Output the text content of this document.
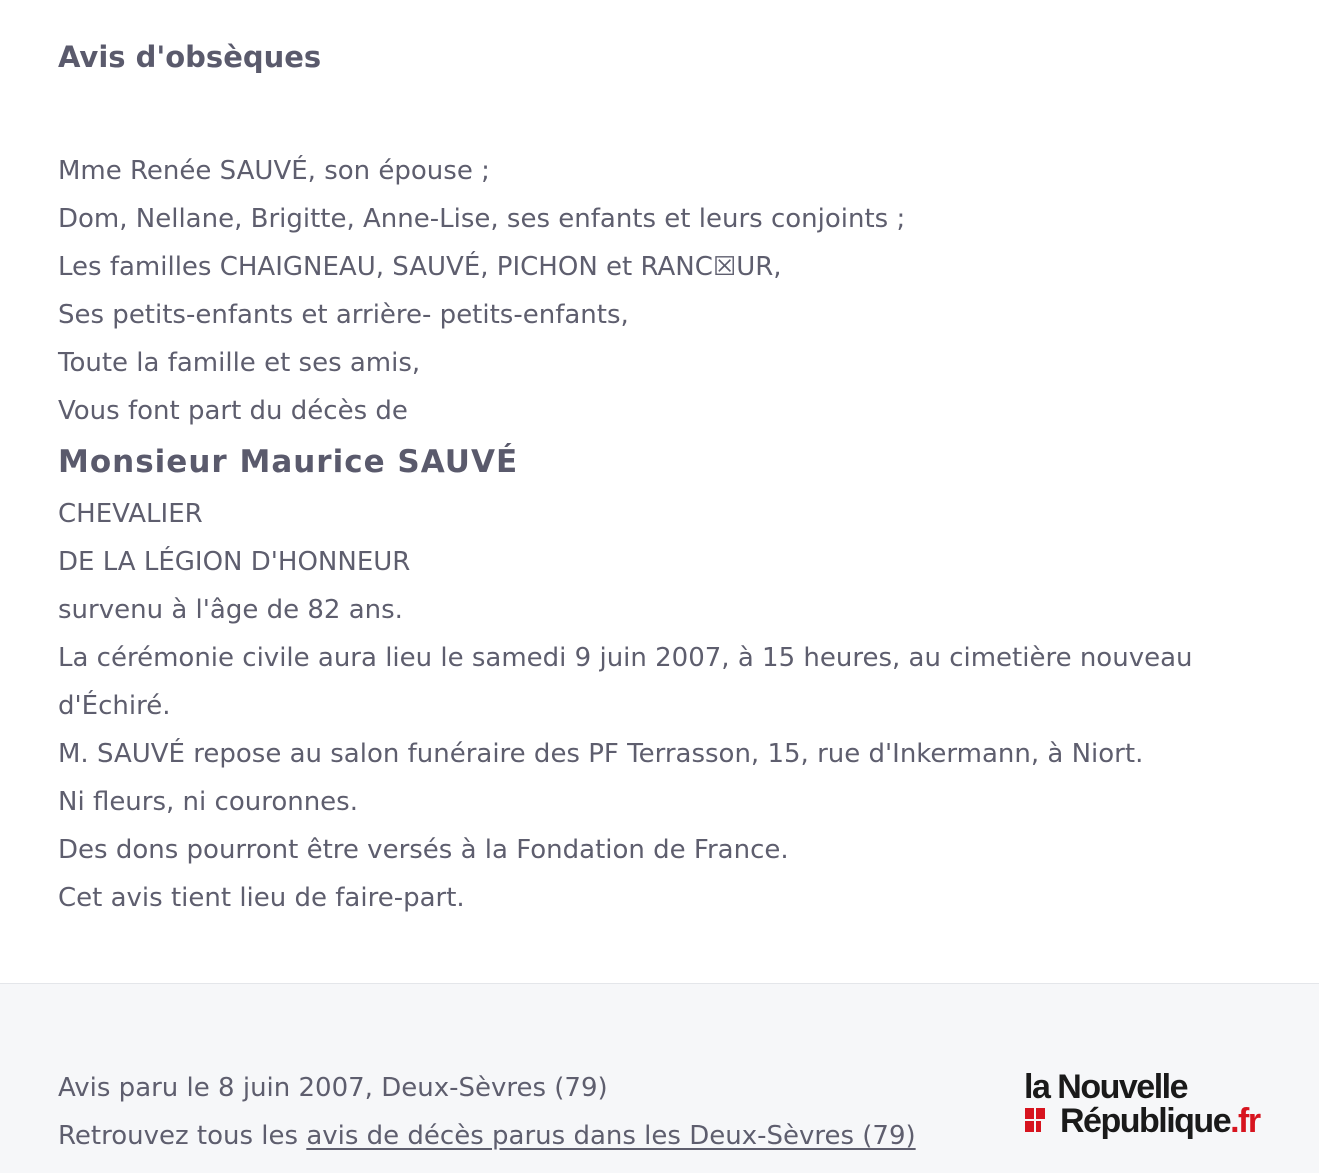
Avis d'obsèques
Mme Renée SAUVÉ, son épouse ;
Dom, Nellane, Brigitte, Anne-Lise, ses enfants et leurs conjoints ;
Les familles CHAIGNEAU, SAUVÉ, PICHON et RANC☒UR,
Ses petits-enfants et arrière- petits-enfants,
Toute la famille et ses amis,
Vous font part du décès de
Monsieur Maurice SAUVÉ
CHEVALIER
DE LA LÉGION D'HONNEUR
survenu à l'âge de 82 ans.
La cérémonie civile aura lieu le samedi 9 juin 2007, à 15 heures, au cimetière nouveau
d'Échiré.
M. SAUVÉ repose au salon funéraire des PF Terrasson, 15, rue d'Inkermann, à Niort.
Ni fleurs, ni couronnes.
Des dons pourront être versés à la Fondation de France.
Cet avis tient lieu de faire-part.
Avis paru le 8 juin 2007, Deux-Sèvres (79)
Retrouvez tous les avis de décès parus dans les Deux-Sèvres (79)
la Nouvelle
République.fr
